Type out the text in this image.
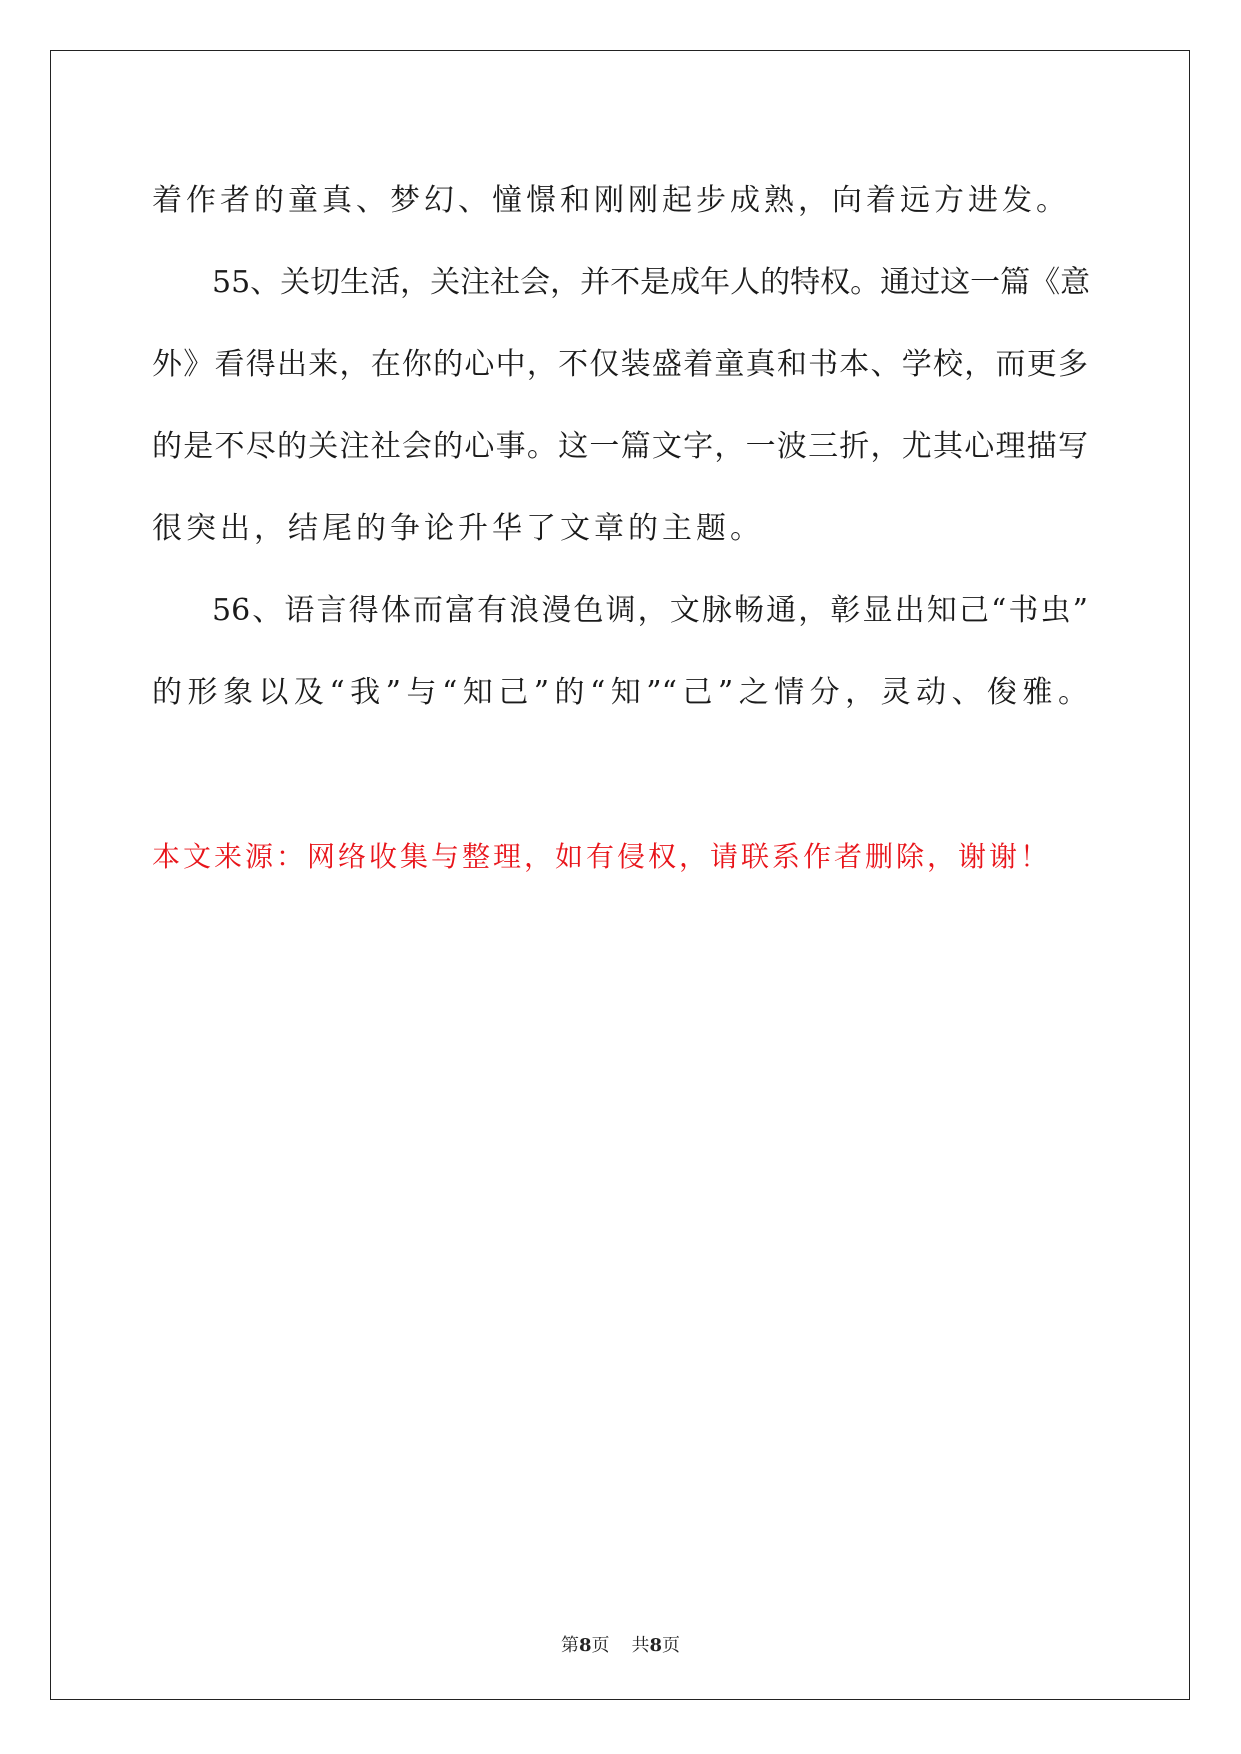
着作者的童真、梦幻、憧憬和刚刚起步成熟，向着远方进发。
55、关切生活，关注社会，并不是成年人的特权。通过这一篇《意
外》看得出来，在你的心中，不仅装盛着童真和书本、学校，而更多
的是不尽的关注社会的心事。这一篇文字，一波三折，尤其心理描写
很突出，结尾的争论升华了文章的主题。
56、语言得体而富有浪漫色调，文脉畅通，彰显出知己“书虫”
的形象以及“我”与“知己”的“知”“己”之情分，灵动、俊雅。
本文来源：网络收集与整理，如有侵权，请联系作者删除，谢谢！
第8页 共8页
